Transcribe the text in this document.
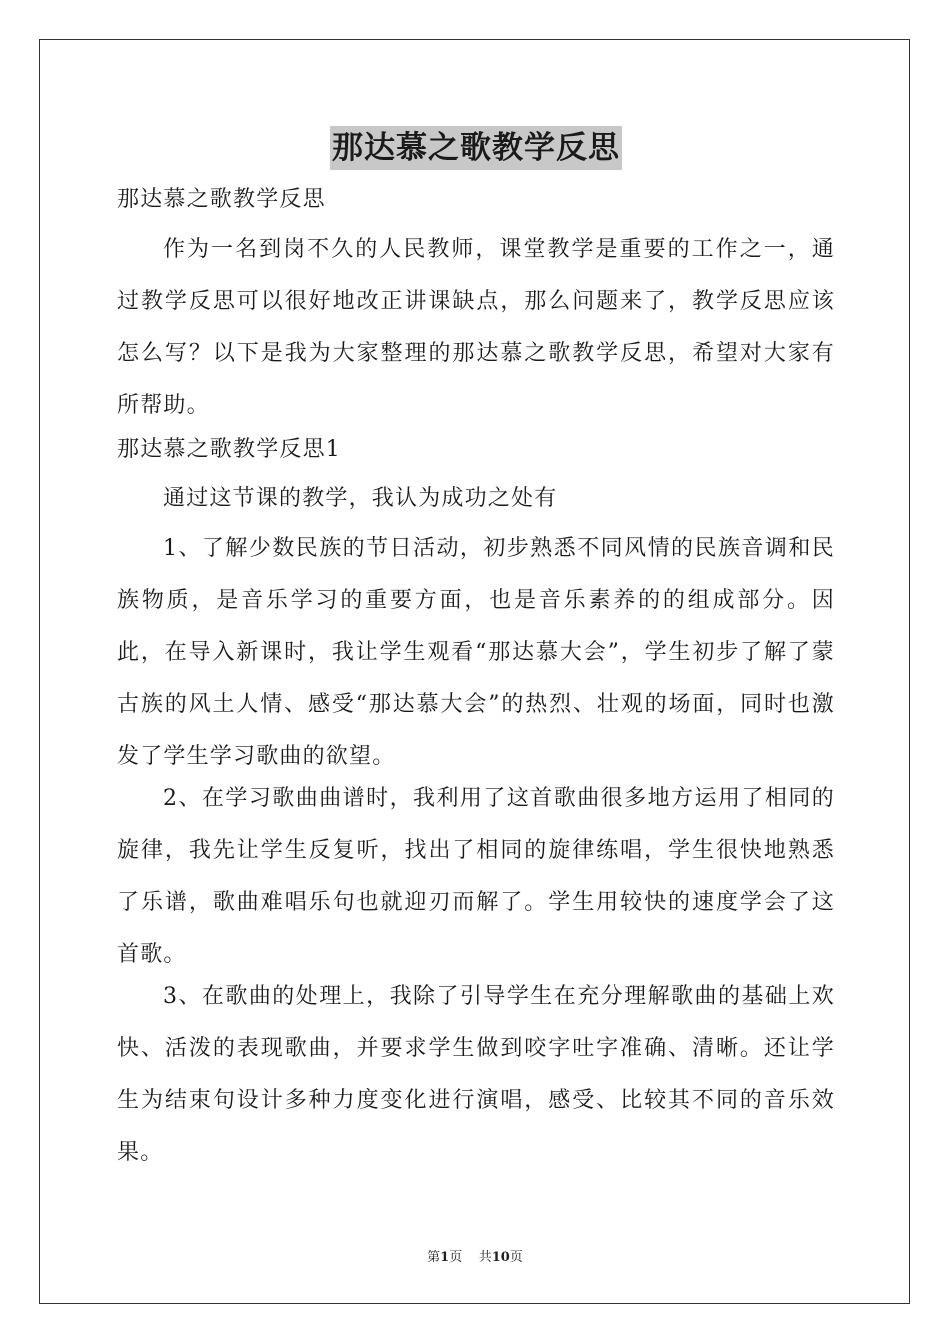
那达慕之歌教学反思

那达慕之歌教学反思

作为一名到岗不久的人民教师，课堂教学是重要的工作之一，通过教学反思可以很好地改正讲课缺点，那么问题来了，教学反思应该怎么写？以下是我为大家整理的那达慕之歌教学反思，希望对大家有所帮助。

那达慕之歌教学反思1

通过这节课的教学，我认为成功之处有

1、了解少数民族的节日活动，初步熟悉不同风情的民族音调和民族物质，是音乐学习的重要方面，也是音乐素养的的组成部分。因此，在导入新课时，我让学生观看“那达慕大会”，学生初步了解了蒙古族的风土人情、感受“那达慕大会”的热烈、壮观的场面，同时也激发了学生学习歌曲的欲望。

2、在学习歌曲曲谱时，我利用了这首歌曲很多地方运用了相同的旋律，我先让学生反复听，找出了相同的旋律练唱，学生很快地熟悉了乐谱，歌曲难唱乐句也就迎刃而解了。学生用较快的速度学会了这首歌。

3、在歌曲的处理上，我除了引导学生在充分理解歌曲的基础上欢快、活泼的表现歌曲，并要求学生做到咬字吐字准确、清晰。还让学生为结束句设计多种力度变化进行演唱，感受、比较其不同的音乐效果。

第1页 共10页
